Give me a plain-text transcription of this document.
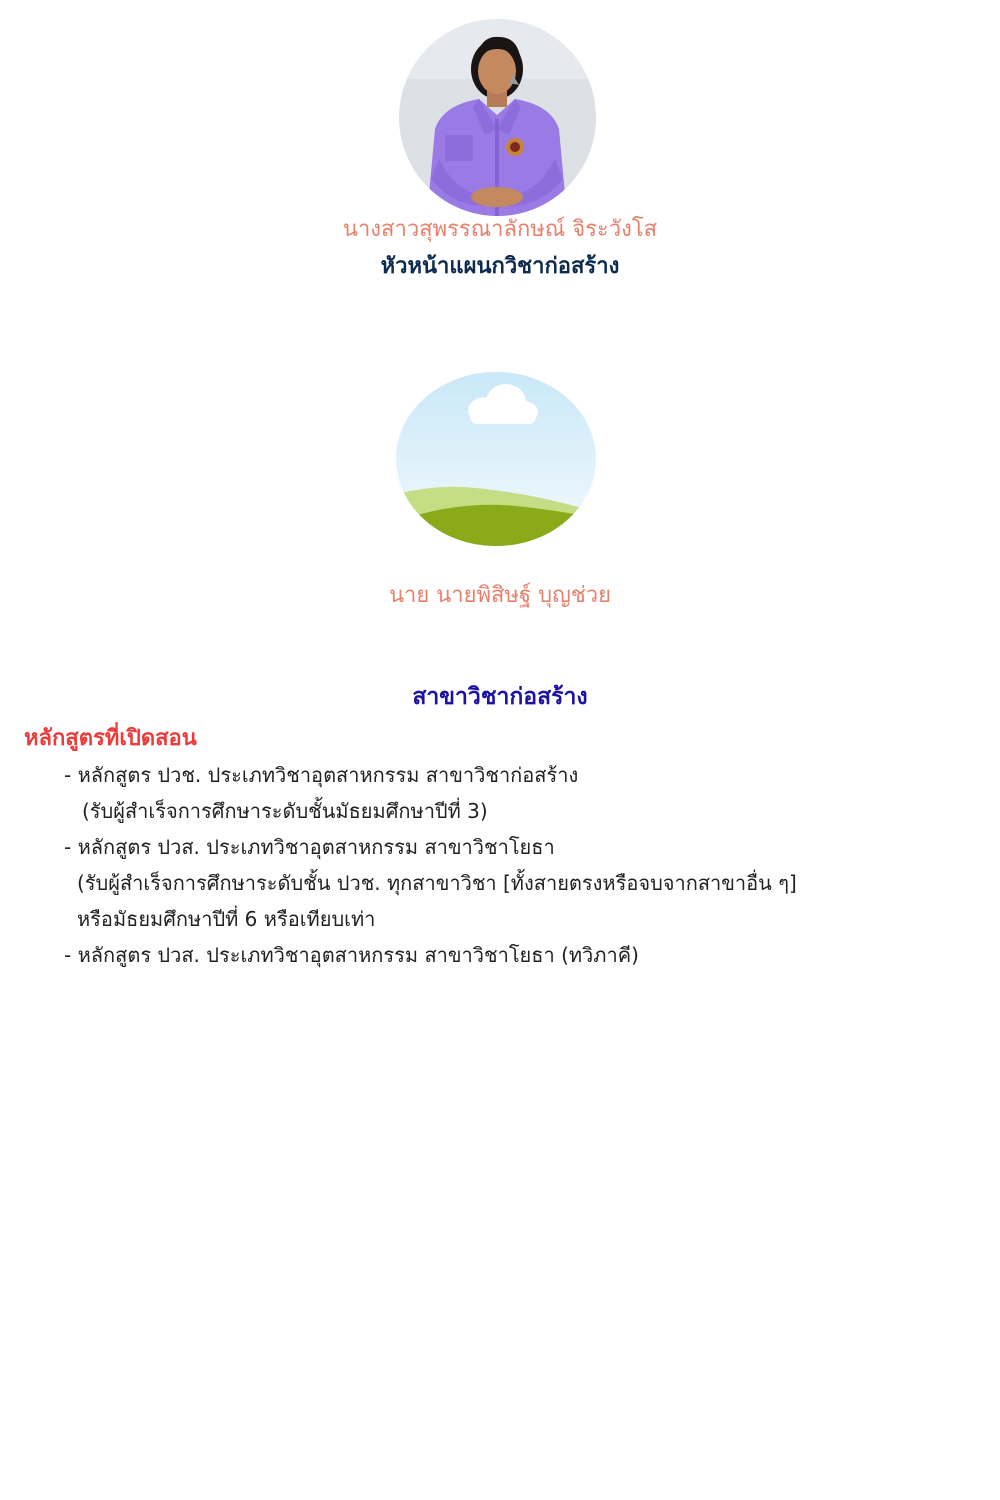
นางสาวสุพรรณาลักษณ์ จิระวังโส
หัวหน้าแผนกวิชาก่อสร้าง
นาย นายพิสิษฐ์ บุญช่วย
สาขาวิชาก่อสร้าง
หลักสูตรที่เปิดสอน
- หลักสูตร ปวช. ประเภทวิชาอุตสาหกรรม สาขาวิชาก่อสร้าง
(รับผู้สำเร็จการศึกษาระดับชั้นมัธยมศึกษาปีที่ 3)
- หลักสูตร ปวส. ประเภทวิชาอุตสาหกรรม สาขาวิชาโยธา
(รับผู้สำเร็จการศึกษาระดับชั้น ปวช. ทุกสาขาวิชา [ทั้งสายตรงหรือจบจากสาขาอื่น ๆ]
หรือมัธยมศึกษาปีที่ 6 หรือเทียบเท่า
- หลักสูตร ปวส. ประเภทวิชาอุตสาหกรรม สาขาวิชาโยธา (ทวิภาคี)
